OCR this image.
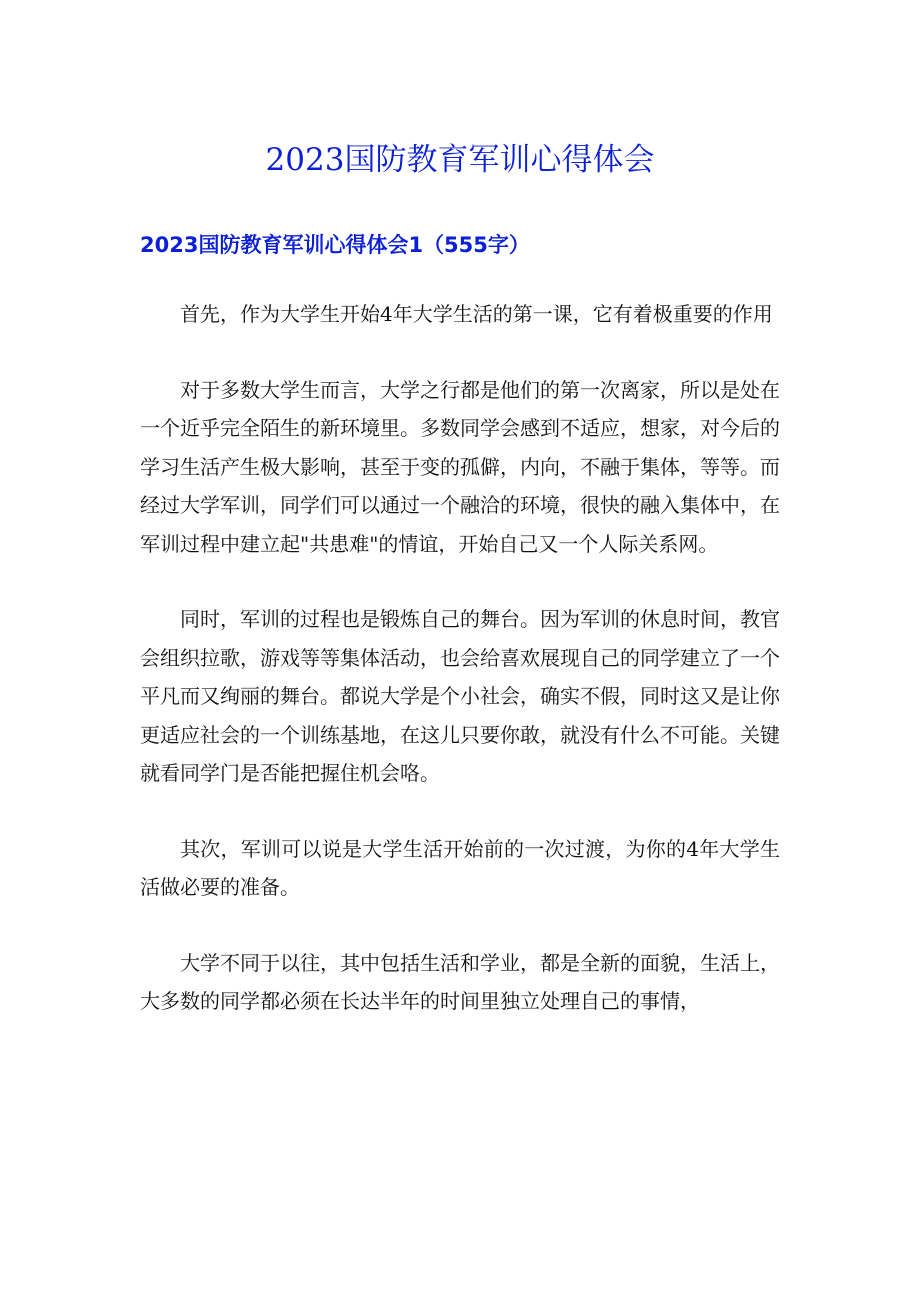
2023国防教育军训心得体会
2023国防教育军训心得体会1（555字）

首先，作为大学生开始4年大学生活的第一课，它有着极重要的作用

对于多数大学生而言，大学之行都是他们的第一次离家，所以是处在一个近乎完全陌生的新环境里。多数同学会感到不适应，想家，对今后的学习生活产生极大影响，甚至于变的孤僻，内向，不融于集体，等等。而经过大学军训，同学们可以通过一个融洽的环境，很快的融入集体中，在军训过程中建立起"共患难"的情谊，开始自己又一个人际关系网。

同时，军训的过程也是锻炼自己的舞台。因为军训的休息时间，教官会组织拉歌，游戏等等集体活动，也会给喜欢展现自己的同学建立了一个平凡而又绚丽的舞台。都说大学是个小社会，确实不假，同时这又是让你更适应社会的一个训练基地，在这儿只要你敢，就没有什么不可能。关键就看同学门是否能把握住机会咯。

其次，军训可以说是大学生活开始前的一次过渡，为你的4年大学生活做必要的准备。

大学不同于以往，其中包括生活和学业，都是全新的面貌，生活上，大多数的同学都必须在长达半年的时间里独立处理自己的事情，
